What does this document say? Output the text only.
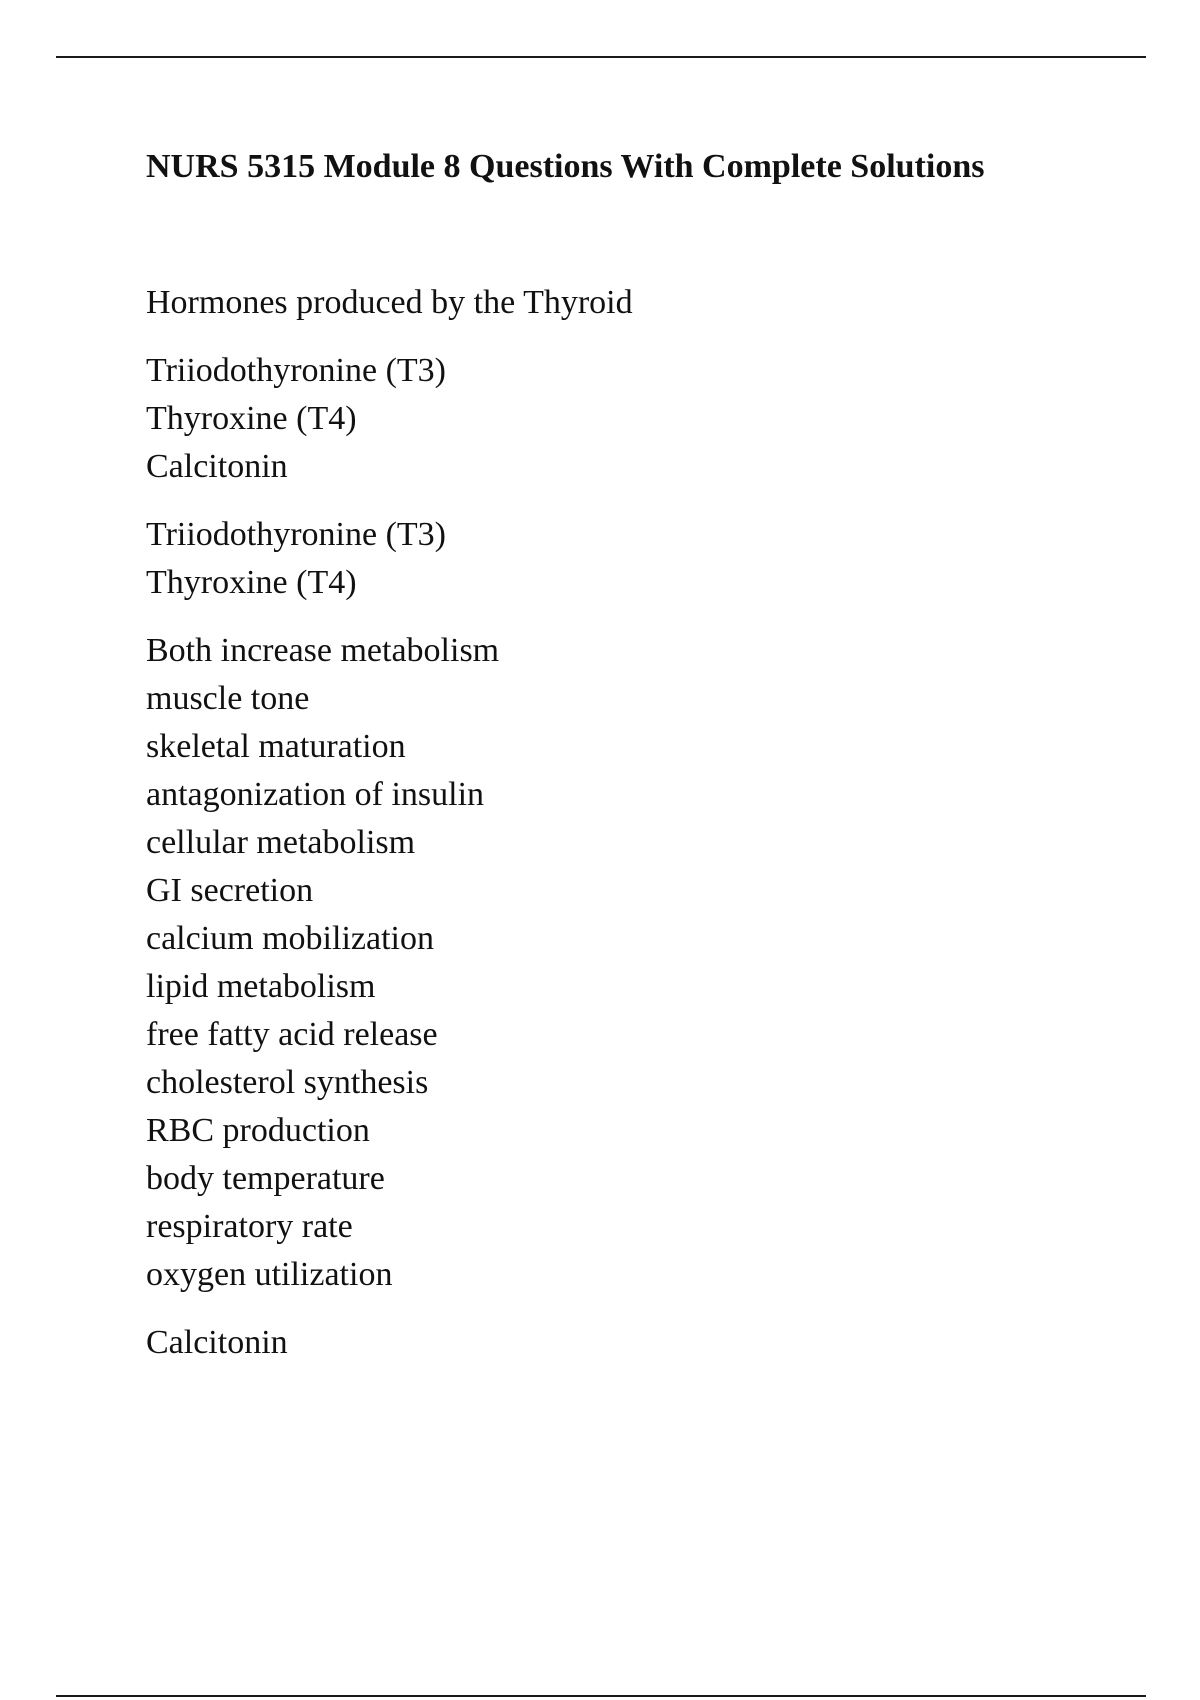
NURS 5315 Module 8 Questions With Complete Solutions
Hormones produced by the Thyroid
Triiodothyronine (T3)
Thyroxine (T4)
Calcitonin
Triiodothyronine (T3)
Thyroxine (T4)
Both increase metabolism
muscle tone
skeletal maturation
antagonization of insulin
cellular metabolism
GI secretion
calcium mobilization
lipid metabolism
free fatty acid release
cholesterol synthesis
RBC production
body temperature
respiratory rate
oxygen utilization
Calcitonin
